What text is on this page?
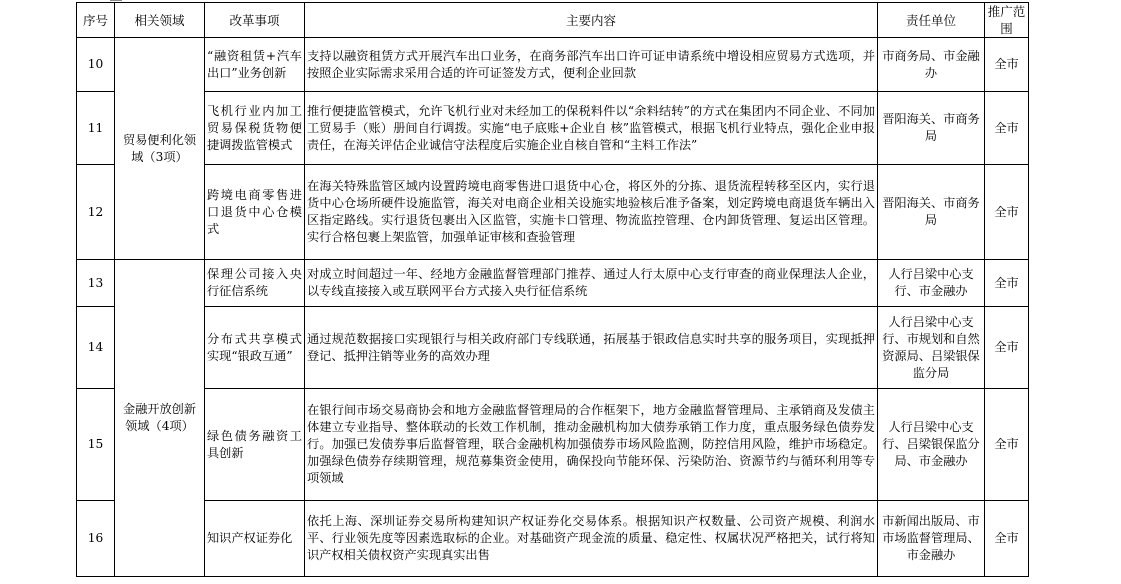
序号	相关领域	改革事项	主要内容	责任单位	推广范围
10	贸易便利化领域（3项）	“融资租赁+汽车出口”业务创新	支持以融资租赁方式开展汽车出口业务，在商务部汽车出口许可证申请系统中增设相应贸易方式选项，并按照企业实际需求采用合适的许可证签发方式，便利企业回款	市商务局、市金融办	全市
11		飞机行业内加工贸易保税货物便捷调拨监管模式	推行便捷监管模式，允许飞机行业对未经加工的保税料件以“余料结转”的方式在集团内不同企业、不同加工贸易手（账）册间自行调拨。实施“电子底账+企业自 核”监管模式，根据飞机行业特点，强化企业申报责任，在海关评估企业诚信守法程度后实施企业自核自管和“主料工作法”	晋阳海关、市商务局	全市
12		跨境电商零售进口退货中心仓模式	在海关特殊监管区域内设置跨境电商零售进口退货中心仓，将区外的分拣、退货流程转移至区内，实行退货中心仓场所硬件设施监管，海关对电商企业相关设施实地验核后准予备案，划定跨境电商退货车辆出入区指定路线。实行退货包裹出入区监管，实施卡口管理、物流监控管理、仓内卸货管理、复运出区管理。实行合格包裹上架监管，加强单证审核和查验管理	晋阳海关、市商务局	全市
13	金融开放创新领域（4项）	保理公司接入央行征信系统	对成立时间超过一年、经地方金融监督管理部门推荐、通过人行太原中心支行审查的商业保理法人企业，以专线直接接入或互联网平台方式接入央行征信系统	人行吕梁中心支行、市金融办	全市
14		分布式共享模式实现“银政互通”	通过规范数据接口实现银行与相关政府部门专线联通，拓展基于银政信息实时共享的服务项目，实现抵押登记、抵押注销等业务的高效办理	人行吕梁中心支行、市规划和自然资源局、吕梁银保监分局	全市
15		绿色债务融资工具创新	在银行间市场交易商协会和地方金融监督管理局的合作框架下，地方金融监督管理局、主承销商及发债主体建立专业指导、整体联动的长效工作机制，推动金融机构加大债券承销工作力度，重点服务绿色债券发行。加强已发债券事后监督管理，联合金融机构加强债券市场风险监测，防控信用风险，维护市场稳定。加强绿色债券存续期管理，规范募集资金使用，确保投向节能环保、污染防治、资源节约与循环利用等专项领域	人行吕梁中心支行、吕梁银保监分局、市金融办	全市
16		知识产权证券化	依托上海、深圳证券交易所构建知识产权证券化交易体系。根据知识产权数量、公司资产规模、利润水平、行业领先度等因素选取标的企业。对基础资产现金流的质量、稳定性、权属状况严格把关，试行将知识产权相关债权资产实现真实出售	市新闻出版局、市市场监督管理局、市金融办	全市
